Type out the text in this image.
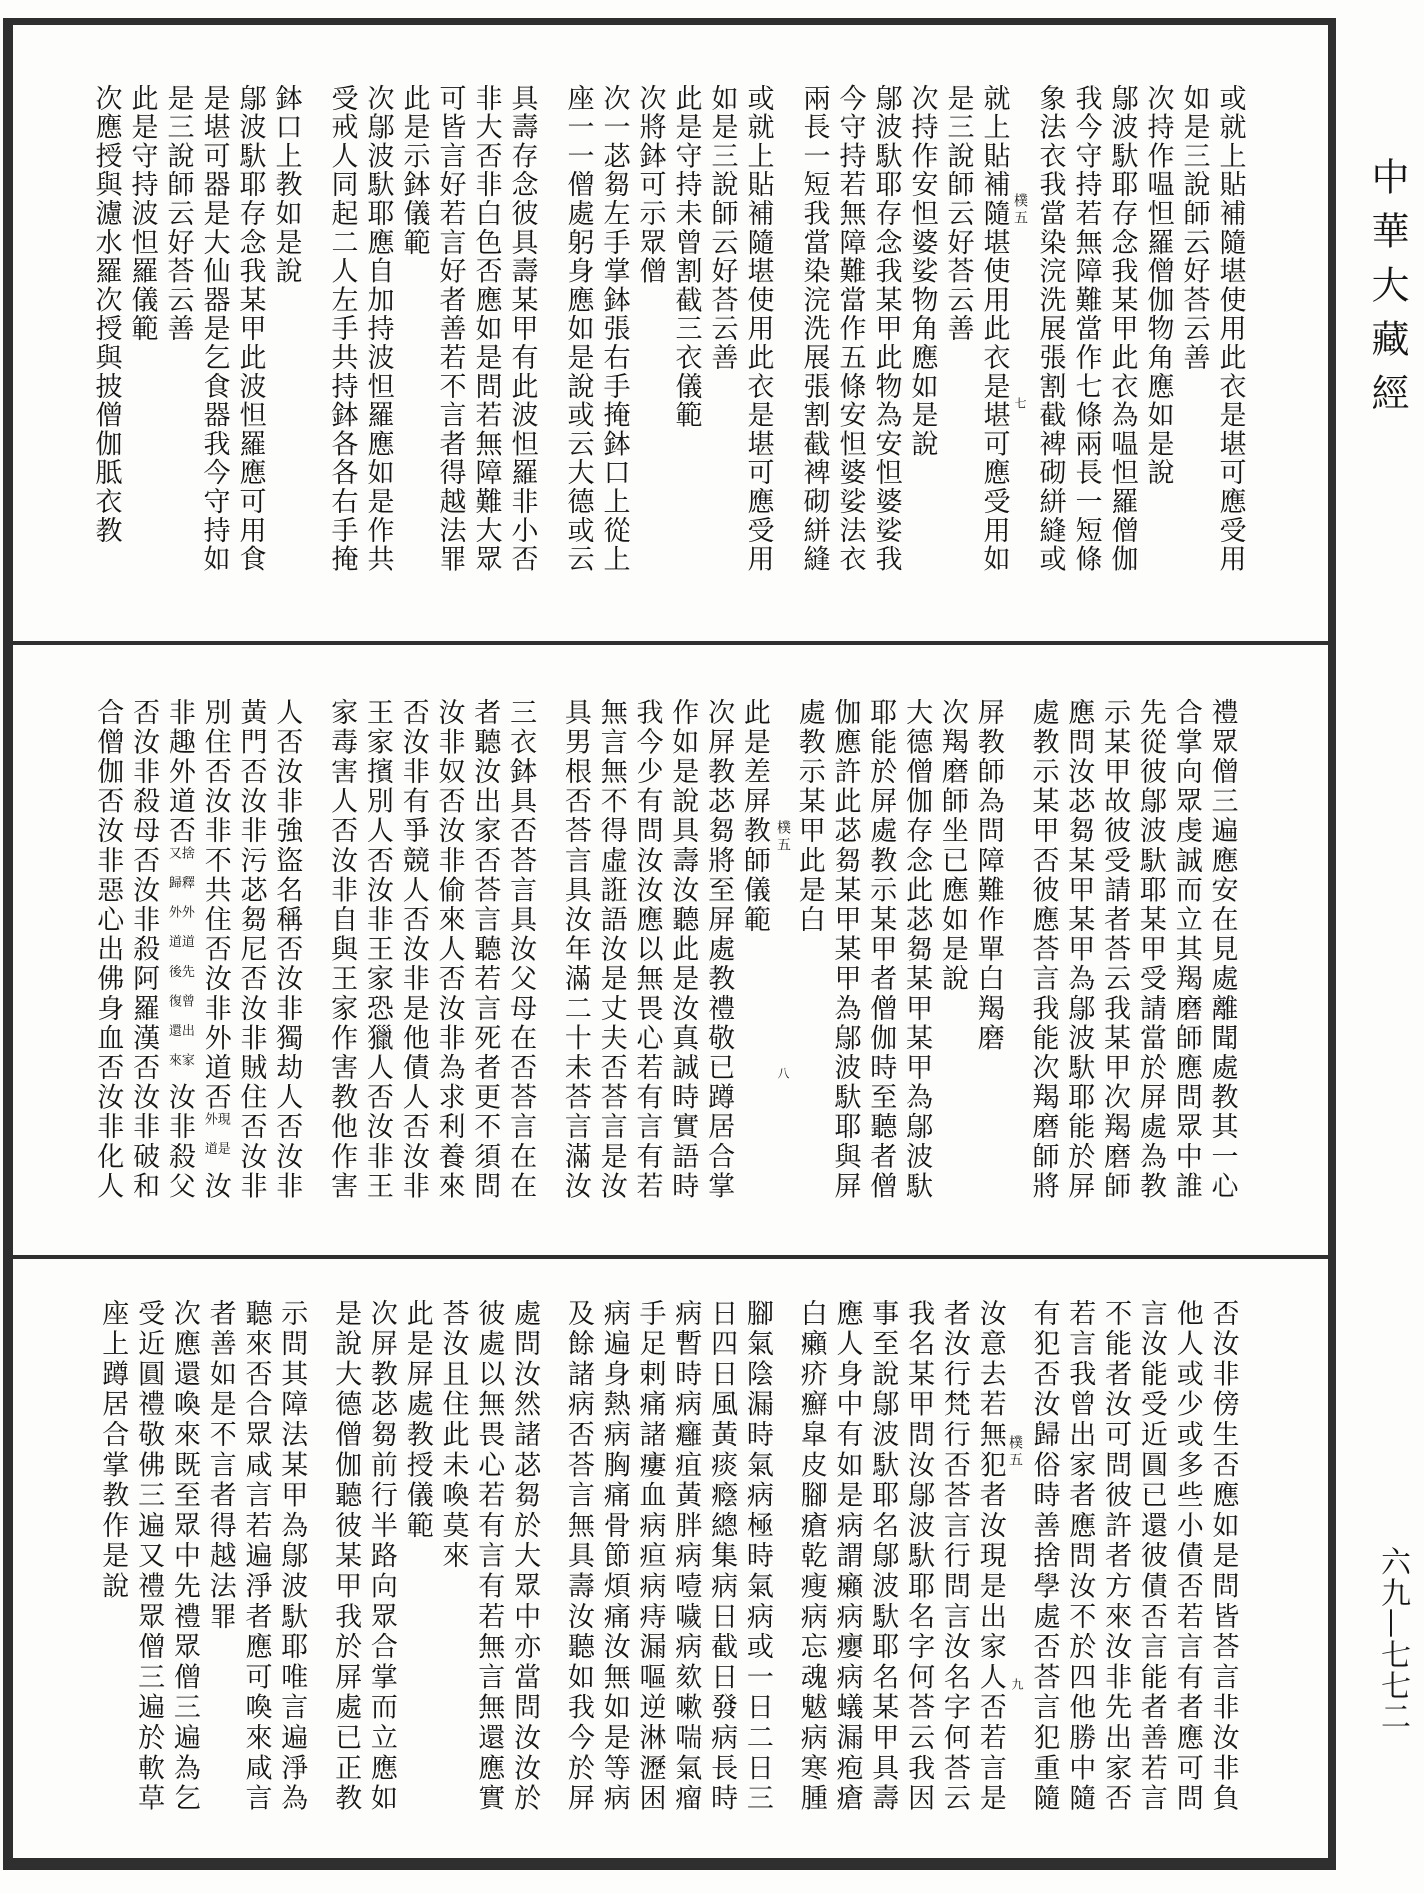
樸五
七	或就上貼補隨堪使用此衣是堪可應受用
如是三說師云好荅云善
次持作嗢怛羅僧伽物角應如是說
鄔波馱耶存念我某甲此衣為嗢怛羅僧伽
我今守持若無障難當作七條兩長一短條
象法衣我當染浣洗展張割截裨砌絣縫或
就上貼補隨堪使用此衣是堪可應受用如
是三說師云好荅云善
次持作安怛婆娑物角應如是說
鄔波馱耶存念我某甲此物為安怛婆娑我
今守持若無障難當作五條安怛婆娑法衣
兩長一短我當染浣洗展張割截裨砌絣縫
或就上貼補隨堪使用此衣是堪可應受用
如是三說師云好荅云善
此是守持未曾割截三衣儀範
次將鉢可示眾僧
次一苾芻左手掌鉢張右手掩鉢口上從上
座一一僧處躬身應如是說或云大德或云
具壽存念彼具壽某甲有此波怛羅非小否
非大否非白色否應如是問若無障難大眾
可皆言好若言好者善若不言者得越法罪
此是示鉢儀範
次鄔波馱耶應自加持波怛羅應如是作共
受戒人同起二人左手共持鉢各各右手掩
鉢口上教如是說
鄔波馱耶存念我某甲此波怛羅應可用食
是堪可器是大仙器是乞食器我今守持如
是三說師云好荅云善
此是守持波怛羅儀範
次應授與濾水羅次授與披僧伽胝衣教
樸五
八	禮眾僧三遍應安在見處離聞處教其一心
合掌向眾虔誠而立其羯磨師應問眾中誰
先從彼鄔波馱耶某甲受請當於屏處為教
示某甲故彼受請者荅云我某甲次羯磨師
應問汝苾芻某甲某甲為鄔波馱耶能於屏
處教示某甲否彼應荅言我能次羯磨師將
屏教師為問障難作單白羯磨
次羯磨師坐已應如是說
大德僧伽存念此苾芻某甲某甲為鄔波馱
耶能於屏處教示某甲者僧伽時至聽者僧
伽應許此苾芻某甲某甲為鄔波馱耶與屏
處教示某甲此是白
此是差屏教師儀範
次屏教苾芻將至屏處教禮敬已蹲居合掌
作如是說具壽汝聽此是汝真誠時實語時
我今少有問汝汝應以無畏心若有言有若
無言無不得虛誑語汝是丈夫否荅言是汝
具男根否荅言具汝年滿二十未荅言滿汝
三衣鉢具否荅言具汝父母在否荅言在在
者聽汝出家否荅言聽若言死者更不須問
汝非奴否汝非偷來人否汝非為求利養來
否汝非有爭競人否汝非是他債人否汝非
王家擯別人否汝非王家恐獵人否汝非王
家毒害人否汝非自與王家作害教他作害
人否汝非強盜名稱否汝非獨劫人否汝非
黃門否汝非污苾芻尼否汝非賊住否汝非
別住否汝非不共住否汝非外道否
現是
外道
汝
非趣外道否
捨釋外道先曾出家
又歸外道後復還來
汝非殺父
否汝非殺母否汝非殺阿羅漢否汝非破和
合僧伽否汝非惡心出佛身血否汝非化人
樸五
九	否汝非傍生否應如是問皆荅言非汝非負
他人或少或多些小債否若言有者應可問
言汝能受近圓已還彼債否言能者善若言
不能者汝可問彼許者方來汝非先出家否
若言我曾出家者應問汝不於四他勝中隨
有犯否汝歸俗時善捨學處否荅言犯重隨
汝意去若無犯者汝現是出家人否若言是
者汝行梵行否荅言行問言汝名字何荅云
我名某甲問汝鄔波馱耶名字何荅云我因
事至說鄔波馱耶名鄔波馱耶名某甲具壽
應人身中有如是病謂癩病癭病蟻漏疱瘡
白癩疥癬皐皮腳瘡乾瘦病忘魂魃病寒腫
腳氣陰漏時氣病極時氣病或一日二日三
日四日風黃痰癊總集病日截日發病長時
病暫時病癰疽黃胖病噎噦病欬嗽喘氣瘤
手足剌痛諸瘻血病疸病痔漏嘔逆淋瀝困
病遍身熱病胸痛骨節煩痛汝無如是等病
及餘諸病否荅言無具壽汝聽如我今於屏
處問汝然諸苾芻於大眾中亦當問汝汝於
彼處以無畏心若有言有若無言無還應實
荅汝且住此未喚莫來
此是屏處教授儀範
次屏教苾芻前行半路向眾合掌而立應如
是說大德僧伽聽彼某甲我於屏處已正教
示問其障法某甲為鄔波馱耶唯言遍淨為
聽來否合眾咸言若遍淨者應可喚來咸言
者善如是不言者得越法罪
次應還喚來既至眾中先禮眾僧三遍為乞
受近圓禮敬佛三遍又禮眾僧三遍於軟草
座上蹲居合掌教作是說
中華大藏經
六九—七七二
